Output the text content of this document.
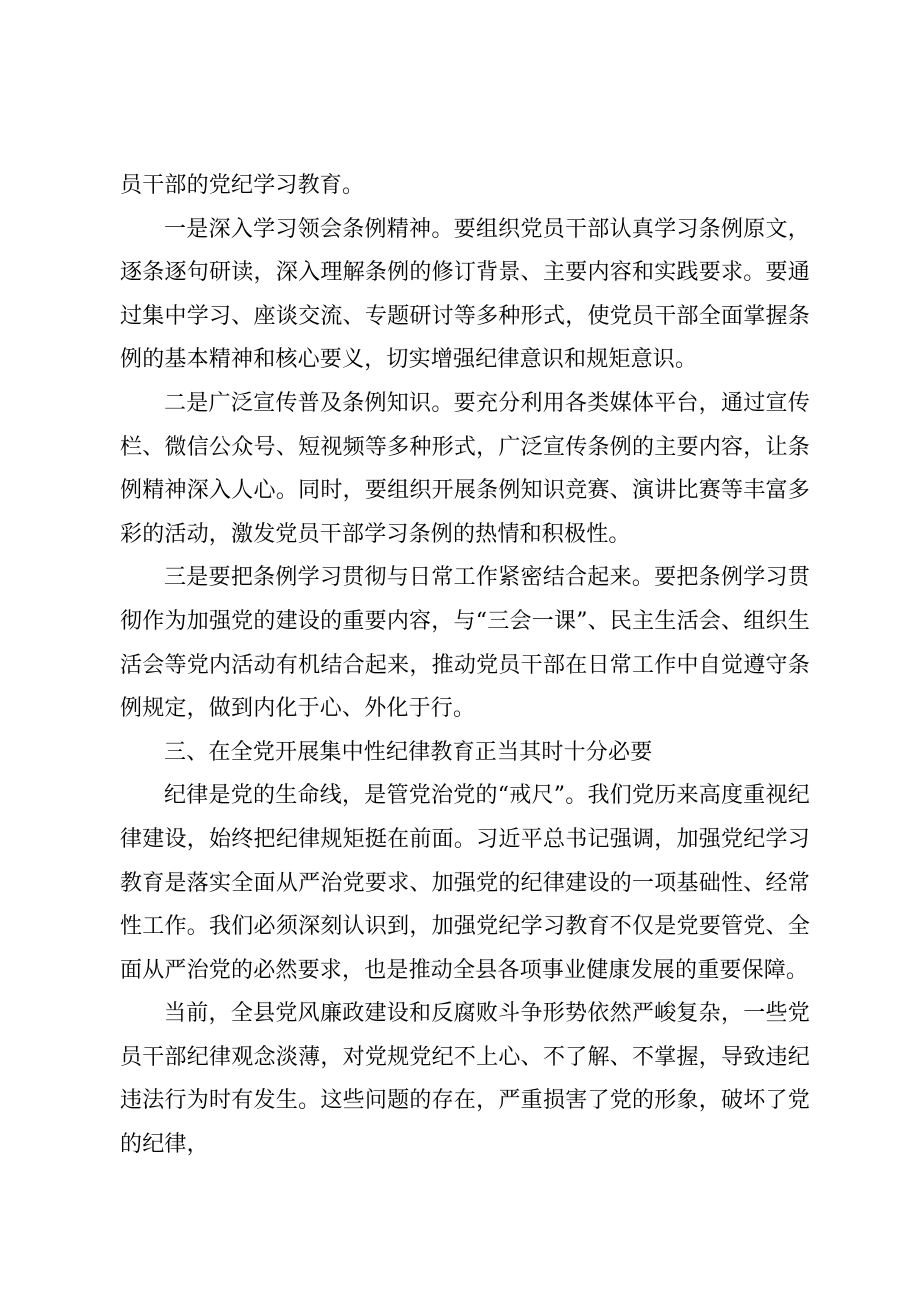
员干部的党纪学习教育。

一是深入学习领会条例精神。要组织党员干部认真学习条例原文，逐条逐句研读，深入理解条例的修订背景、主要内容和实践要求。要通过集中学习、座谈交流、专题研讨等多种形式，使党员干部全面掌握条例的基本精神和核心要义，切实增强纪律意识和规矩意识。

二是广泛宣传普及条例知识。要充分利用各类媒体平台，通过宣传栏、微信公众号、短视频等多种形式，广泛宣传条例的主要内容，让条例精神深入人心。同时，要组织开展条例知识竞赛、演讲比赛等丰富多彩的活动，激发党员干部学习条例的热情和积极性。

三是要把条例学习贯彻与日常工作紧密结合起来。要把条例学习贯彻作为加强党的建设的重要内容，与“三会一课”、民主生活会、组织生活会等党内活动有机结合起来，推动党员干部在日常工作中自觉遵守条例规定，做到内化于心、外化于行。

三、在全党开展集中性纪律教育正当其时十分必要

纪律是党的生命线，是管党治党的“戒尺”。我们党历来高度重视纪律建设，始终把纪律规矩挺在前面。习近平总书记强调，加强党纪学习教育是落实全面从严治党要求、加强党的纪律建设的一项基础性、经常性工作。我们必须深刻认识到，加强党纪学习教育不仅是党要管党、全面从严治党的必然要求，也是推动全县各项事业健康发展的重要保障。

当前，全县党风廉政建设和反腐败斗争形势依然严峻复杂，一些党员干部纪律观念淡薄，对党规党纪不上心、不了解、不掌握，导致违纪违法行为时有发生。这些问题的存在，严重损害了党的形象，破坏了党的纪律，
